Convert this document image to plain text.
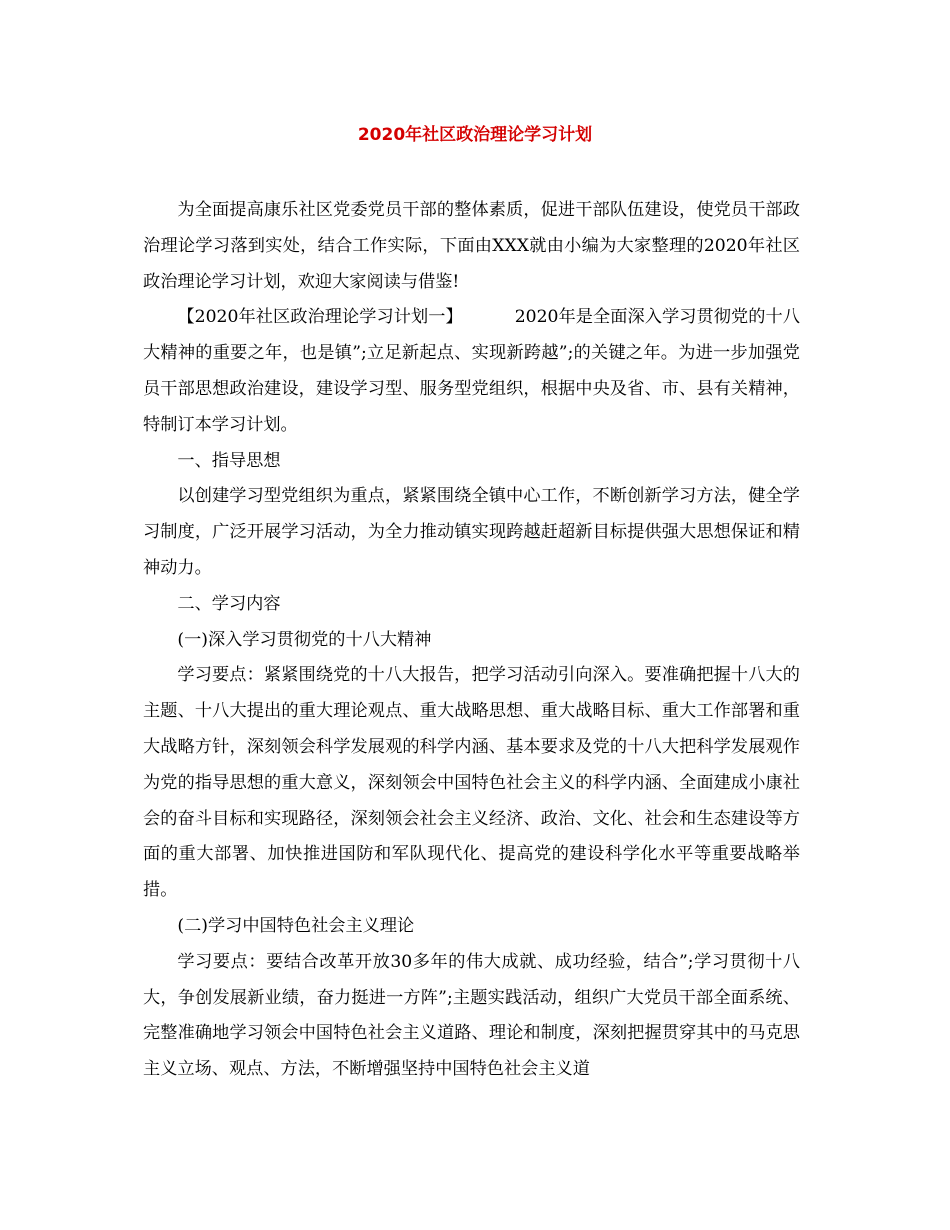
2020年社区政治理论学习计划

为全面提高康乐社区党委党员干部的整体素质，促进干部队伍建设，使党员干部政治理论学习落到实处，结合工作实际，下面由XXX就由小编为大家整理的2020年社区政治理论学习计划，欢迎大家阅读与借鉴!

【2020年社区政治理论学习计划一】	2020年是全面深入学习贯彻党的十八大精神的重要之年，也是镇”;立足新起点、实现新跨越”;的关键之年。为进一步加强党员干部思想政治建设，建设学习型、服务型党组织，根据中央及省、市、县有关精神，特制订本学习计划。

一、指导思想

以创建学习型党组织为重点，紧紧围绕全镇中心工作，不断创新学习方法，健全学习制度，广泛开展学习活动，为全力推动镇实现跨越赶超新目标提供强大思想保证和精神动力。

二、学习内容

(一)深入学习贯彻党的十八大精神

学习要点：紧紧围绕党的十八大报告，把学习活动引向深入。要准确把握十八大的主题、十八大提出的重大理论观点、重大战略思想、重大战略目标、重大工作部署和重大战略方针，深刻领会科学发展观的科学内涵、基本要求及党的十八大把科学发展观作为党的指导思想的重大意义，深刻领会中国特色社会主义的科学内涵、全面建成小康社会的奋斗目标和实现路径，深刻领会社会主义经济、政治、文化、社会和生态建设等方面的重大部署、加快推进国防和军队现代化、提高党的建设科学化水平等重要战略举措。

(二)学习中国特色社会主义理论

学习要点：要结合改革开放30多年的伟大成就、成功经验，结合”;学习贯彻十八大，争创发展新业绩，奋力挺进一方阵”;主题实践活动，组织广大党员干部全面系统、完整准确地学习领会中国特色社会主义道路、理论和制度，深刻把握贯穿其中的马克思主义立场、观点、方法，不断增强坚持中国特色社会主义道
